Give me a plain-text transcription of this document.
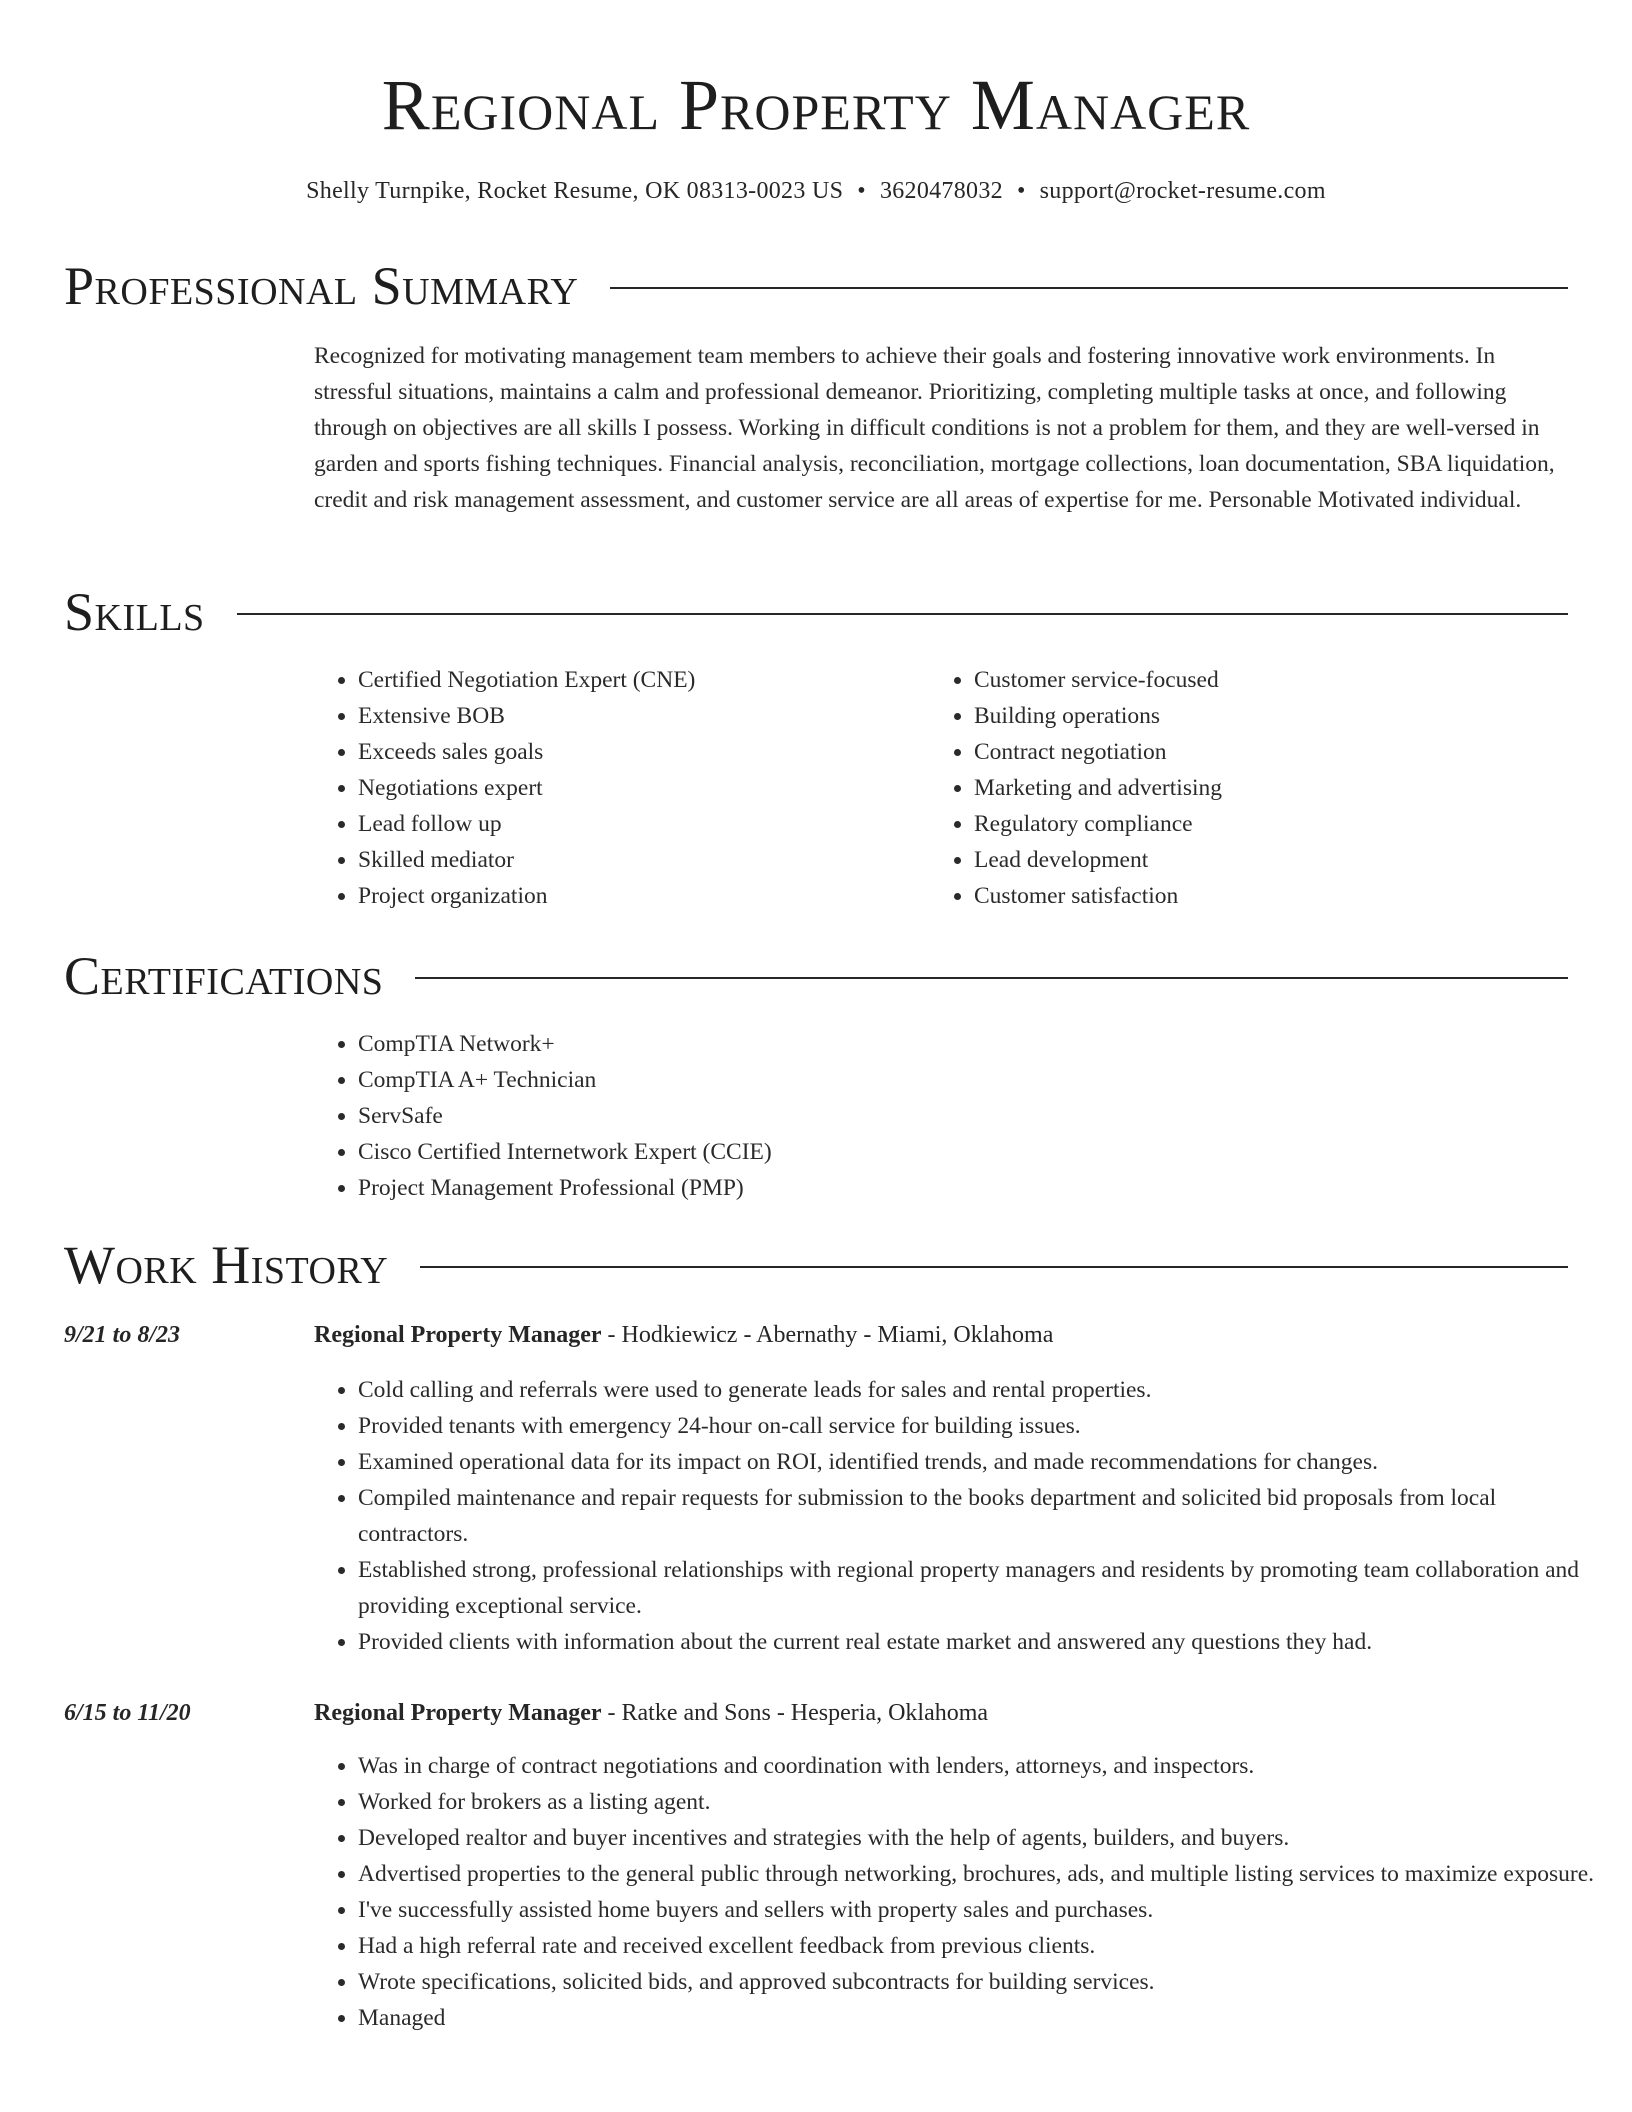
Regional Property Manager
Shelly Turnpike, Rocket Resume, OK 08313-0023 US • 3620478032 • support@rocket-resume.com
Professional Summary

Recognized for motivating management team members to achieve their goals and fostering innovative work environments. In stressful situations, maintains a calm and professional demeanor. Prioritizing, completing multiple tasks at once, and following through on objectives are all skills I possess. Working in difficult conditions is not a problem for them, and they are well-versed in garden and sports fishing techniques. Financial analysis, reconciliation, mortgage collections, loan documentation, SBA liquidation, credit and risk management assessment, and customer service are all areas of expertise for me. Personable Motivated individual.

Skills
• Certified Negotiation Expert (CNE)
• Extensive BOB
• Exceeds sales goals
• Negotiations expert
• Lead follow up
• Skilled mediator
• Project organization
• Customer service-focused
• Building operations
• Contract negotiation
• Marketing and advertising
• Regulatory compliance
• Lead development
• Customer satisfaction
Certifications
• CompTIA Network+
• CompTIA A+ Technician
• ServSafe
• Cisco Certified Internetwork Expert (CCIE)
• Project Management Professional (PMP)
Work History
9/21 to 8/23	Regional Property Manager - Hodkiewicz - Abernathy - Miami, Oklahoma
• Cold calling and referrals were used to generate leads for sales and rental properties.
• Provided tenants with emergency 24-hour on-call service for building issues.
• Examined operational data for its impact on ROI, identified trends, and made recommendations for changes.
• Compiled maintenance and repair requests for submission to the books department and solicited bid proposals from local contractors.
• Established strong, professional relationships with regional property managers and residents by promoting team collaboration and providing exceptional service.
• Provided clients with information about the current real estate market and answered any questions they had.
6/15 to 11/20	Regional Property Manager - Ratke and Sons - Hesperia, Oklahoma
• Was in charge of contract negotiations and coordination with lenders, attorneys, and inspectors.
• Worked for brokers as a listing agent.
• Developed realtor and buyer incentives and strategies with the help of agents, builders, and buyers.
• Advertised properties to the general public through networking, brochures, ads, and multiple listing services to maximize exposure.
• I've successfully assisted home buyers and sellers with property sales and purchases.
• Had a high referral rate and received excellent feedback from previous clients.
• Wrote specifications, solicited bids, and approved subcontracts for building services.
• Managed
